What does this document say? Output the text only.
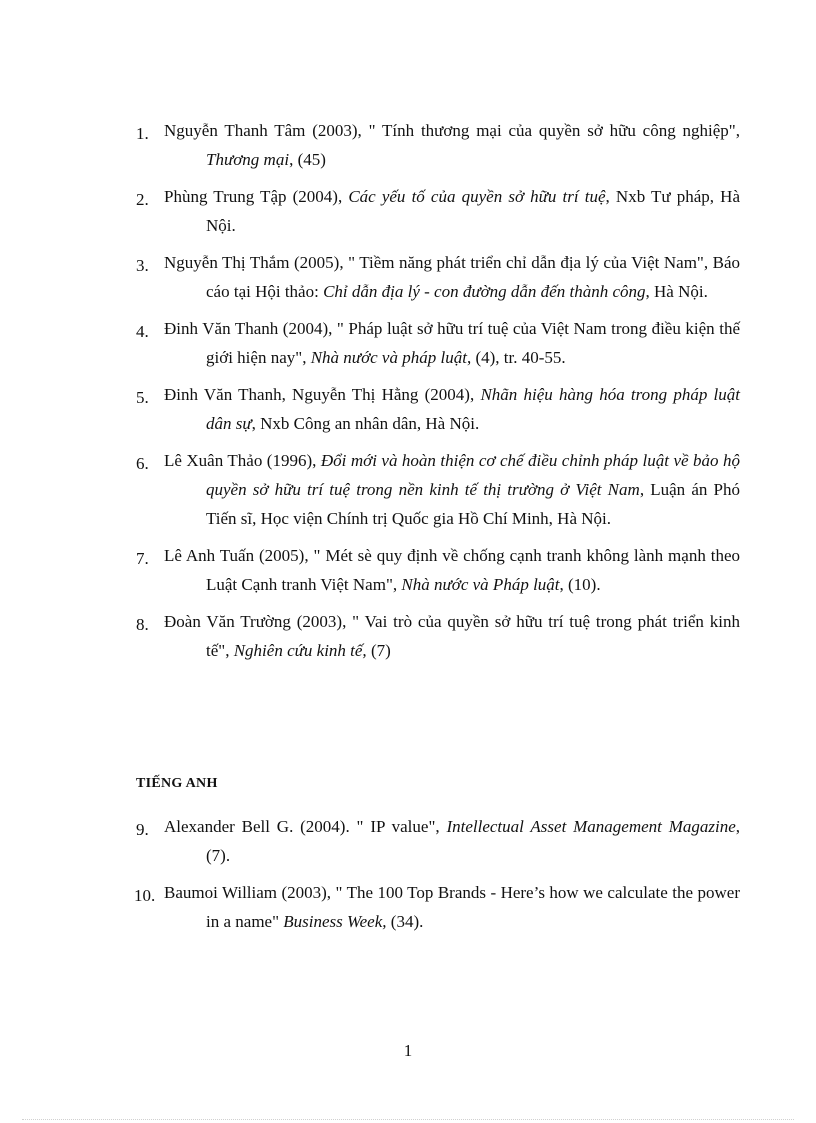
1. Nguyễn Thanh Tâm (2003), " Tính thương mại của quyền sở hữu công nghiệp", Thương mại, (45)
2. Phùng Trung Tập (2004), Các yếu tố của quyền sở hữu trí tuệ, Nxb Tư pháp, Hà Nội.
3. Nguyễn Thị Thắm (2005), " Tiềm năng phát triển chỉ dẫn địa lý của Việt Nam", Báo cáo tại Hội thảo: Chỉ dẫn địa lý - con đường dẫn đến thành công, Hà Nội.
4. Đinh Văn Thanh (2004), " Pháp luật sở hữu trí tuệ của Việt Nam trong điều kiện thế giới hiện nay", Nhà nước và pháp luật, (4), tr. 40-55.
5. Đinh Văn Thanh, Nguyễn Thị Hằng (2004), Nhãn hiệu hàng hóa trong pháp luật dân sự, Nxb Công an nhân dân, Hà Nội.
6. Lê Xuân Thảo (1996), Đổi mới và hoàn thiện cơ chế điều chỉnh pháp luật về bảo hộ quyền sở hữu trí tuệ trong nền kinh tế thị trường ở Việt Nam, Luận án Phó Tiến sĩ, Học viện Chính trị Quốc gia Hồ Chí Minh, Hà Nội.
7. Lê Anh Tuấn (2005), " Mét sè quy định về chống cạnh tranh không lành mạnh theo Luật Cạnh tranh Việt Nam", Nhà nước và Pháp luật, (10).
8. Đoàn Văn Trường (2003), " Vai trò của quyền sở hữu trí tuệ trong phát triển kinh tế", Nghiên cứu kinh tế, (7)
TIẾNG ANH
9. Alexander Bell G. (2004). " IP value", Intellectual Asset Management Magazine, (7).
10. Baumoi William (2003), " The 100 Top Brands - Here’s how we calculate the power in a name" Business Week, (34).
1
